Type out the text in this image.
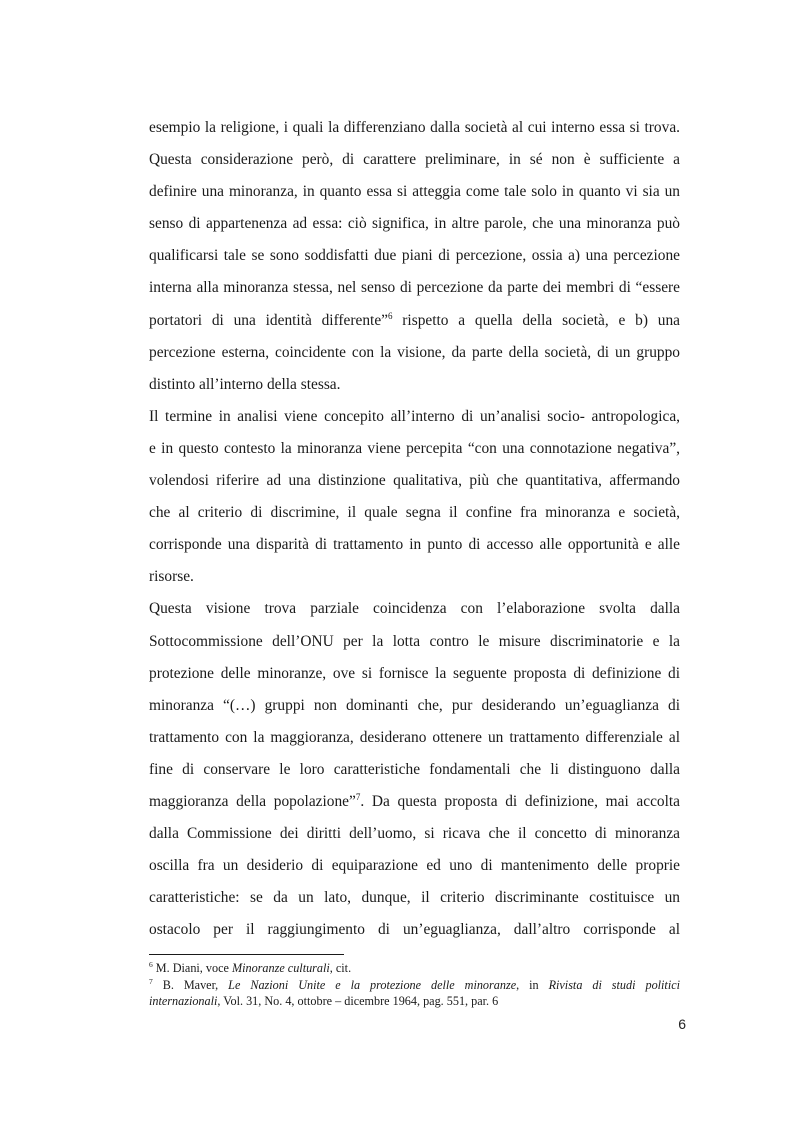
esempio la religione, i quali la differenziano dalla società al cui interno essa si trova.
Questa considerazione però, di carattere preliminare, in sé non è sufficiente a
definire una minoranza, in quanto essa si atteggia come tale solo in quanto vi sia un
senso di appartenenza ad essa: ciò significa, in altre parole, che una minoranza può
qualificarsi tale se sono soddisfatti due piani di percezione, ossia a) una percezione
interna alla minoranza stessa, nel senso di percezione da parte dei membri di “essere
portatori di una identità differente”$^6$ rispetto a quella della società, e b) una
percezione esterna, coincidente con la visione, da parte della società, di un gruppo
distinto all’interno della stessa.
Il termine in analisi viene concepito all’interno di un’analisi socio- antropologica,
e in questo contesto la minoranza viene percepita “con una connotazione negativa”,
volendosi riferire ad una distinzione qualitativa, più che quantitativa, affermando
che al criterio di discrimine, il quale segna il confine fra minoranza e società,
corrisponde una disparità di trattamento in punto di accesso alle opportunità e alle
risorse.
Questa visione trova parziale coincidenza con l’elaborazione svolta dalla
Sottocommissione dell’ONU per la lotta contro le misure discriminatorie e la
protezione delle minoranze, ove si fornisce la seguente proposta di definizione di
minoranza “(…) gruppi non dominanti che, pur desiderando un’eguaglianza di
trattamento con la maggioranza, desiderano ottenere un trattamento differenziale al
fine di conservare le loro caratteristiche fondamentali che li distinguono dalla
maggioranza della popolazione”$^7$. Da questa proposta di definizione, mai accolta
dalla Commissione dei diritti dell’uomo, si ricava che il concetto di minoranza
oscilla fra un desiderio di equiparazione ed uno di mantenimento delle proprie
caratteristiche: se da un lato, dunque, il criterio discriminante costituisce un
ostacolo per il raggiungimento di un’eguaglianza, dall’altro corrisponde al
$^6$ M. Diani, voce Minoranze culturali, cit.
$^7$ B. Maver, Le Nazioni Unite e la protezione delle minoranze, in Rivista di studi politici
internazionali, Vol. 31, No. 4, ottobre – dicembre 1964, pag. 551, par. 6
6
